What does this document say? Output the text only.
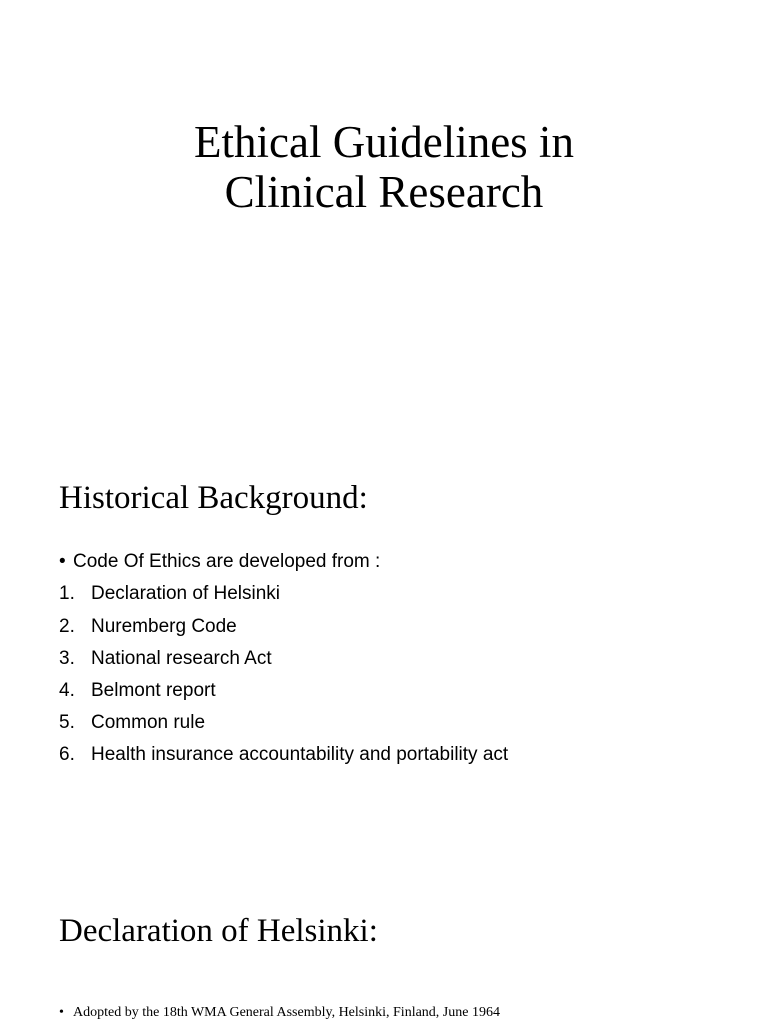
Ethical Guidelines in
Clinical Research
Historical Background:
• Code Of Ethics are developed from :
1. Declaration of Helsinki
2. Nuremberg Code
3. National research Act
4. Belmont report
5. Common rule
6. Health insurance accountability and portability act
Declaration of Helsinki:
• Adopted by the 18th WMA General Assembly, Helsinki, Finland, June 1964
